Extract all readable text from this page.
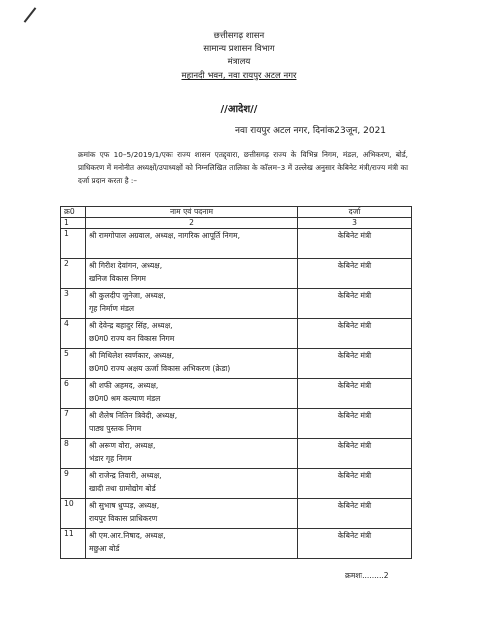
छत्तीसगढ़ शासन
सामान्य प्रशासन विभाग
मंत्रालय
महानदी भवन, नवा रायपुर अटल नगर
//आदेश//
नवा रायपुर अटल नगर, दिनांक23जून, 2021
क्रमांक एफ 10–5/2019/1/एकः राज्य शासन एतद्द्वारा, छत्तीसगढ़ राज्य के विभिन्न निगम, मंडल, अभिकरण, बोर्ड, प्राधिकरण में मनोनीत अध्यक्षों/उपाध्यक्षों को निम्नलिखित तालिका के कॉलम–3 में उल्लेख अनुसार केबिनेट मंत्री/राज्य मंत्री का दर्जा प्रदान करता है :–
क्र0	नाम एवं पदनाम	दर्जा
1	2	3
1	श्री रामगोपाल अग्रवाल, अध्यक्ष, नागरिक आपूर्ति निगम,	केबिनेट मंत्री
2	श्री गिरीश देवांगन, अध्यक्ष,
खनिज विकास निगम	केबिनेट मंत्री
3	श्री कुलदीप जुनेजा, अध्यक्ष,
गृह निर्माण मंडल	केबिनेट मंत्री
4	श्री देवेन्द्र बहादुर सिंह, अध्यक्ष,
छ0ग0 राज्य वन विकास निगम	केबिनेट मंत्री
5	श्री मिथिलेश स्वर्णकार, अध्यक्ष,
छ0ग0 राज्य अक्षय ऊर्जा विकास अभिकरण (क्रेडा)	केबिनेट मंत्री
6	श्री शफी अहमद, अध्यक्ष,
छ0ग0 श्रम कल्याण मंडल	केबिनेट मंत्री
7	श्री शैलेष नितिन त्रिवेदी, अध्यक्ष,
पाठ्य पुस्तक निगम	केबिनेट मंत्री
8	श्री अरूण वोरा, अध्यक्ष,
भंडार गृह निगम	केबिनेट मंत्री
9	श्री राजेन्द्र तिवारी, अध्यक्ष,
खादी तथा ग्रामोद्योग बोर्ड	केबिनेट मंत्री
10	श्री सुभाष धुप्पड़, अध्यक्ष,
रायपुर विकास प्राधिकरण	केबिनेट मंत्री
11	श्री एम.आर.निषाद, अध्यक्ष,
मछुआ बोर्ड	केबिनेट मंत्री
क्रमशः.........2
